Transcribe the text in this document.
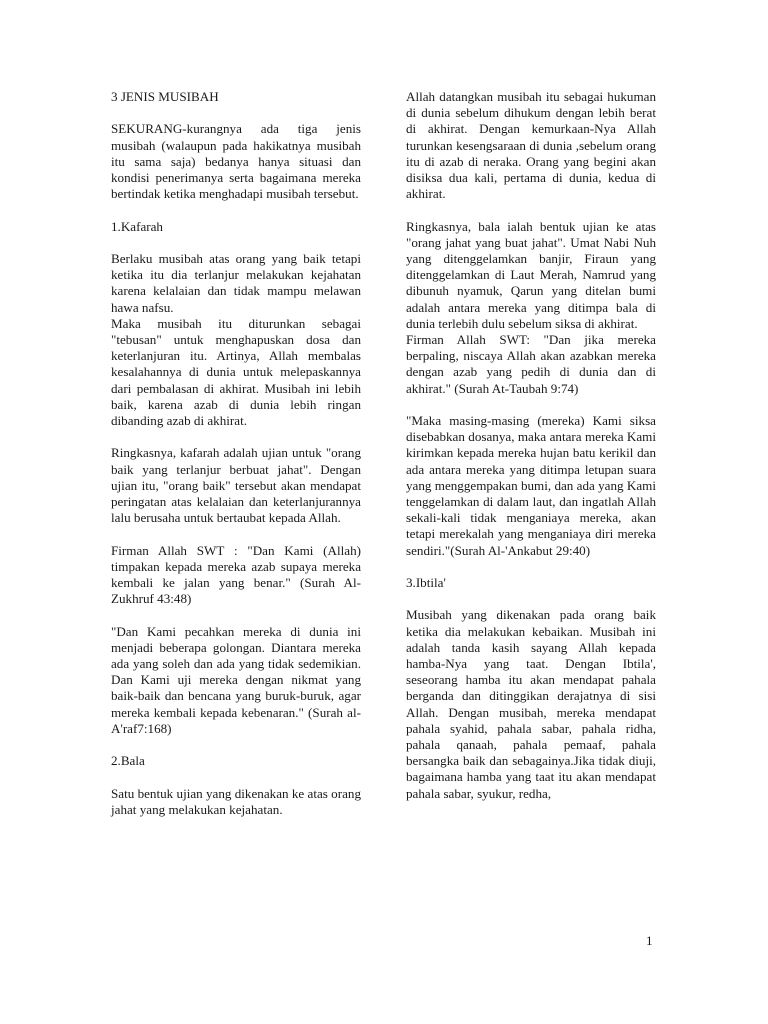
3 JENIS MUSIBAH

SEKURANG-kurangnya ada tiga jenis musibah (walaupun pada hakikatnya musibah itu sama saja) bedanya hanya situasi dan kondisi penerimanya serta bagaimana mereka bertindak ketika menghadapi musibah tersebut.

1.Kafarah

Berlaku musibah atas orang yang baik tetapi ketika itu dia terlanjur melakukan kejahatan karena kelalaian dan tidak mampu melawan hawa nafsu.

Maka musibah itu diturunkan sebagai "tebusan" untuk menghapuskan dosa dan keterlanjuran itu. Artinya, Allah membalas kesalahannya di dunia untuk melepaskannya dari pembalasan di akhirat. Musibah ini lebih baik, karena azab di dunia lebih ringan dibanding azab di akhirat.

Ringkasnya, kafarah adalah ujian untuk "orang baik yang terlanjur berbuat jahat". Dengan ujian itu, "orang baik" tersebut akan mendapat peringatan atas kelalaian dan keterlanjurannya lalu berusaha untuk bertaubat kepada Allah.

Firman Allah SWT : "Dan Kami (Allah) timpakan kepada mereka azab supaya mereka kembali ke jalan yang benar." (Surah Al-Zukhruf 43:48)

"Dan Kami pecahkan mereka di dunia ini menjadi beberapa golongan. Diantara mereka ada yang soleh dan ada yang tidak sedemikian. Dan Kami uji mereka dengan nikmat yang baik-baik dan bencana yang buruk-buruk, agar mereka kembali kepada kebenaran." (Surah al-A'raf7:168)

2.Bala

Satu bentuk ujian yang dikenakan ke atas orang jahat yang melakukan kejahatan.

Allah datangkan musibah itu sebagai hukuman di dunia sebelum dihukum dengan lebih berat di akhirat. Dengan kemurkaan-Nya Allah turunkan kesengsaraan di dunia ,sebelum orang itu di azab di neraka. Orang yang begini akan disiksa dua kali, pertama di dunia, kedua di akhirat.

Ringkasnya, bala ialah bentuk ujian ke atas "orang jahat yang buat jahat". Umat Nabi Nuh yang ditenggelamkan banjir, Firaun yang ditenggelamkan di Laut Merah, Namrud yang dibunuh nyamuk, Qarun yang ditelan bumi adalah antara mereka yang ditimpa bala di dunia terlebih dulu sebelum siksa di akhirat.

Firman Allah SWT: "Dan jika mereka berpaling, niscaya Allah akan azabkan mereka dengan azab yang pedih di dunia dan di akhirat." (Surah At-Taubah 9:74)

"Maka masing-masing (mereka) Kami siksa disebabkan dosanya, maka antara mereka Kami kirimkan kepada mereka hujan batu kerikil dan ada antara mereka yang ditimpa letupan suara yang menggempakan bumi, dan ada yang Kami tenggelamkan di dalam laut, dan ingatlah Allah sekali-kali tidak menganiaya mereka, akan tetapi merekalah yang menganiaya diri mereka sendiri."(Surah Al-'Ankabut 29:40)

3.Ibtila'

Musibah yang dikenakan pada orang baik ketika dia melakukan kebaikan. Musibah ini adalah tanda kasih sayang Allah kepada hamba-Nya yang taat. Dengan Ibtila', seseorang hamba itu akan mendapat pahala berganda dan ditinggikan derajatnya di sisi Allah. Dengan musibah, mereka mendapat pahala syahid, pahala sabar, pahala ridha, pahala qanaah, pahala pemaaf, pahala bersangka baik dan sebagainya.Jika tidak diuji, bagaimana hamba yang taat itu akan mendapat pahala sabar, syukur, redha,

1
